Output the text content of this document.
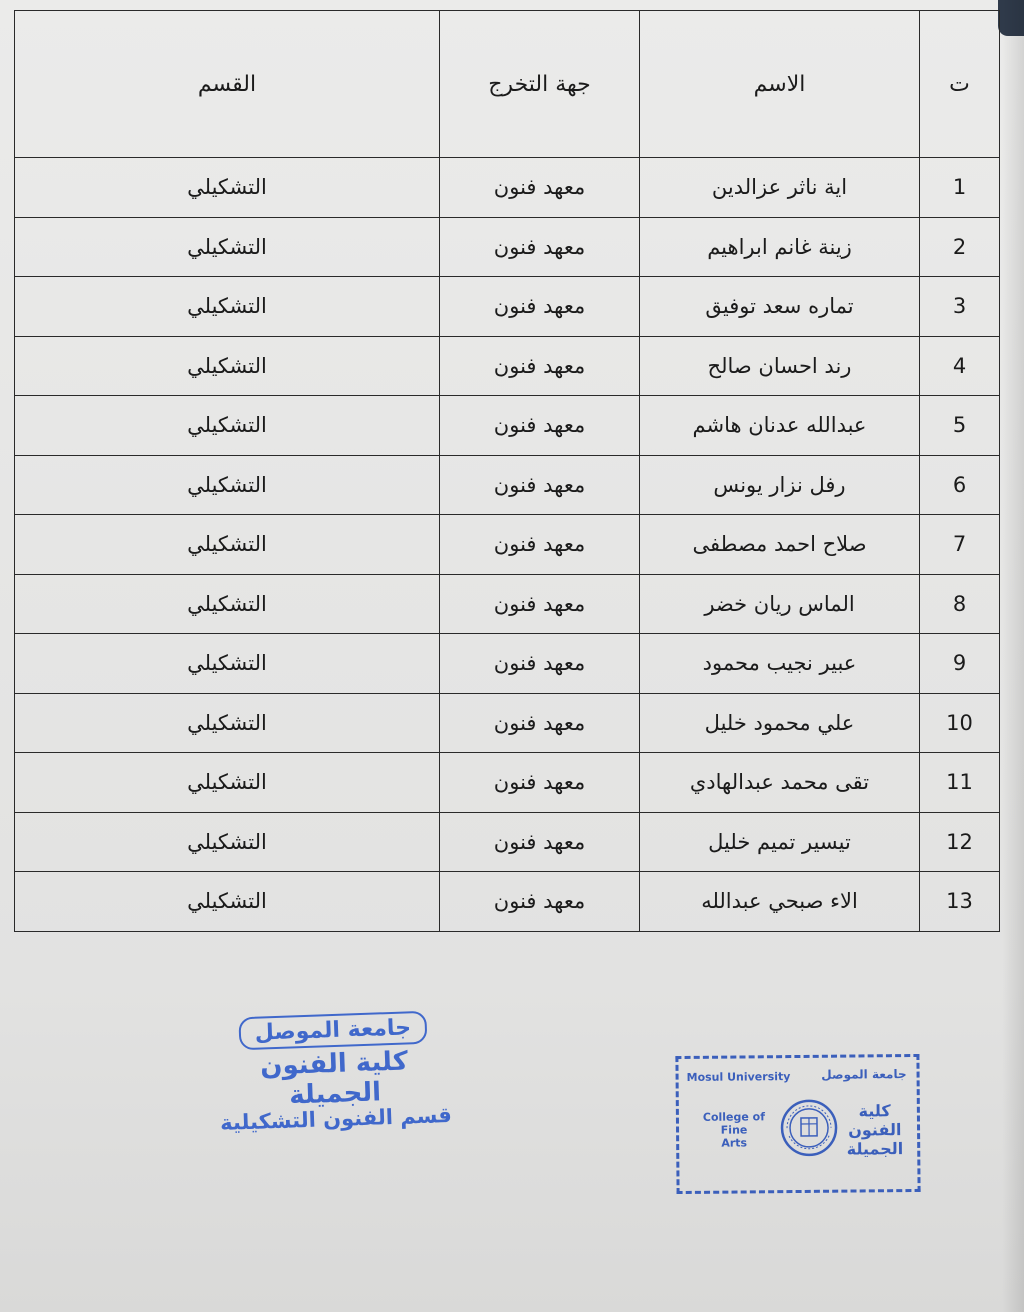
ت	الاسم	جهة التخرج	القسم
1	اية ناثر عزالدين	معهد فنون	التشكيلي
2	زينة غانم ابراهيم	معهد فنون	التشكيلي
3	تماره سعد توفيق	معهد فنون	التشكيلي
4	رند احسان صالح	معهد فنون	التشكيلي
5	عبدالله عدنان هاشم	معهد فنون	التشكيلي
6	رفل نزار يونس	معهد فنون	التشكيلي
7	صلاح احمد مصطفى	معهد فنون	التشكيلي
8	الماس ريان خضر	معهد فنون	التشكيلي
9	عبير نجيب محمود	معهد فنون	التشكيلي
10	علي محمود خليل	معهد فنون	التشكيلي
11	تقى محمد عبدالهادي	معهد فنون	التشكيلي
12	تيسير تميم خليل	معهد فنون	التشكيلي
13	الاء صبحي عبدالله	معهد فنون	التشكيلي
جامعة الموصل
كلية الفنون الجميلة
قسم الفنون التشكيلية
Mosul University	جامعة الموصل
College of
Fine
Arts
كلية
الفنون
الجميلة
